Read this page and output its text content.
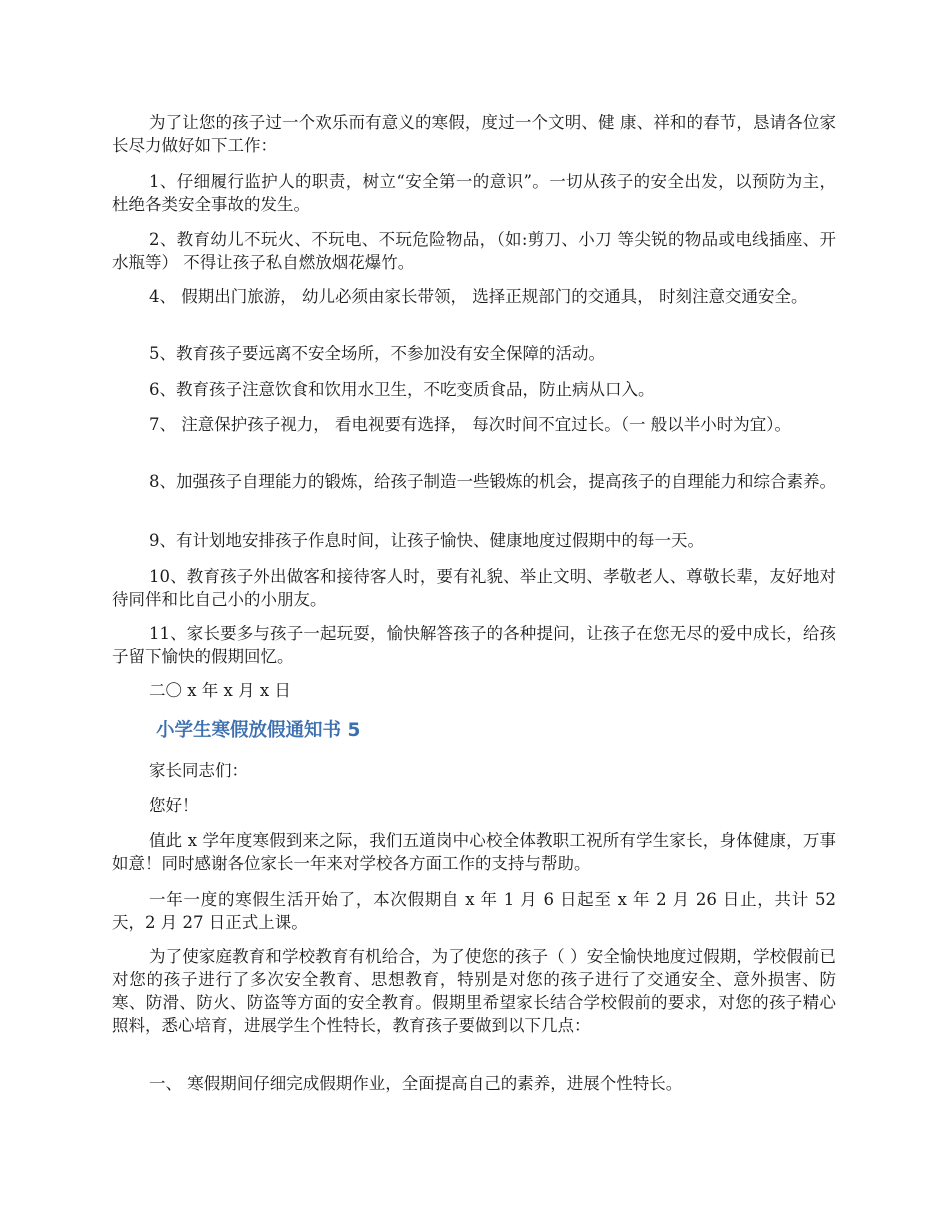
为了让您的孩子过一个欢乐而有意义的寒假，度过一个文明、健 康、祥和的春节，恳请各位家长尽力做好如下工作：

1、仔细履行监护人的职责，树立“安全第一的意识”。一切从孩子的安全出发，以预防为主，杜绝各类安全事故的发生。

2、教育幼儿不玩火、不玩电、不玩危险物品，（如:剪刀、小刀 等尖锐的物品或电线插座、开水瓶等） 不得让孩子私自燃放烟花爆竹。

4、 假期出门旅游， 幼儿必须由家长带领， 选择正规部门的交通具， 时刻注意交通安全。

5、教育孩子要远离不安全场所，不参加没有安全保障的活动。

6、教育孩子注意饮食和饮用水卫生，不吃变质食品，防止病从口入。

7、 注意保护孩子视力， 看电视要有选择， 每次时间不宜过长。（一 般以半小时为宜）。

8、加强孩子自理能力的锻炼，给孩子制造一些锻炼的机会，提高孩子的自理能力和综合素养。

9、有计划地安排孩子作息时间，让孩子愉快、健康地度过假期中的每一天。

10、教育孩子外出做客和接待客人时，要有礼貌、举止文明、孝敬老人、尊敬长辈，友好地对待同伴和比自己小的小朋友。

11、家长要多与孩子一起玩耍，愉快解答孩子的各种提问，让孩子在您无尽的爱中成长，给孩子留下愉快的假期回忆。

二〇 x 年 x 月 x 日

小学生寒假放假通知书 5

家长同志们：

您好！

值此 x 学年度寒假到来之际，我们五道岗中心校全体教职工祝所有学生家长，身体健康，万事如意！同时感谢各位家长一年来对学校各方面工作的支持与帮助。

一年一度的寒假生活开始了，本次假期自 x 年 1 月 6 日起至 x 年 2 月 26 日止，共计 52 天，2 月 27 日正式上课。

为了使家庭教育和学校教育有机给合，为了使您的孩子（ ）安全愉快地度过假期，学校假前已对您的孩子进行了多次安全教育、思想教育，特别是对您的孩子进行了交通安全、意外损害、防寒、防滑、防火、防盗等方面的安全教育。假期里希望家长结合学校假前的要求，对您的孩子精心照料，悉心培育，进展学生个性特长，教育孩子要做到以下几点：

一、 寒假期间仔细完成假期作业，全面提高自己的素养，进展个性特长。
